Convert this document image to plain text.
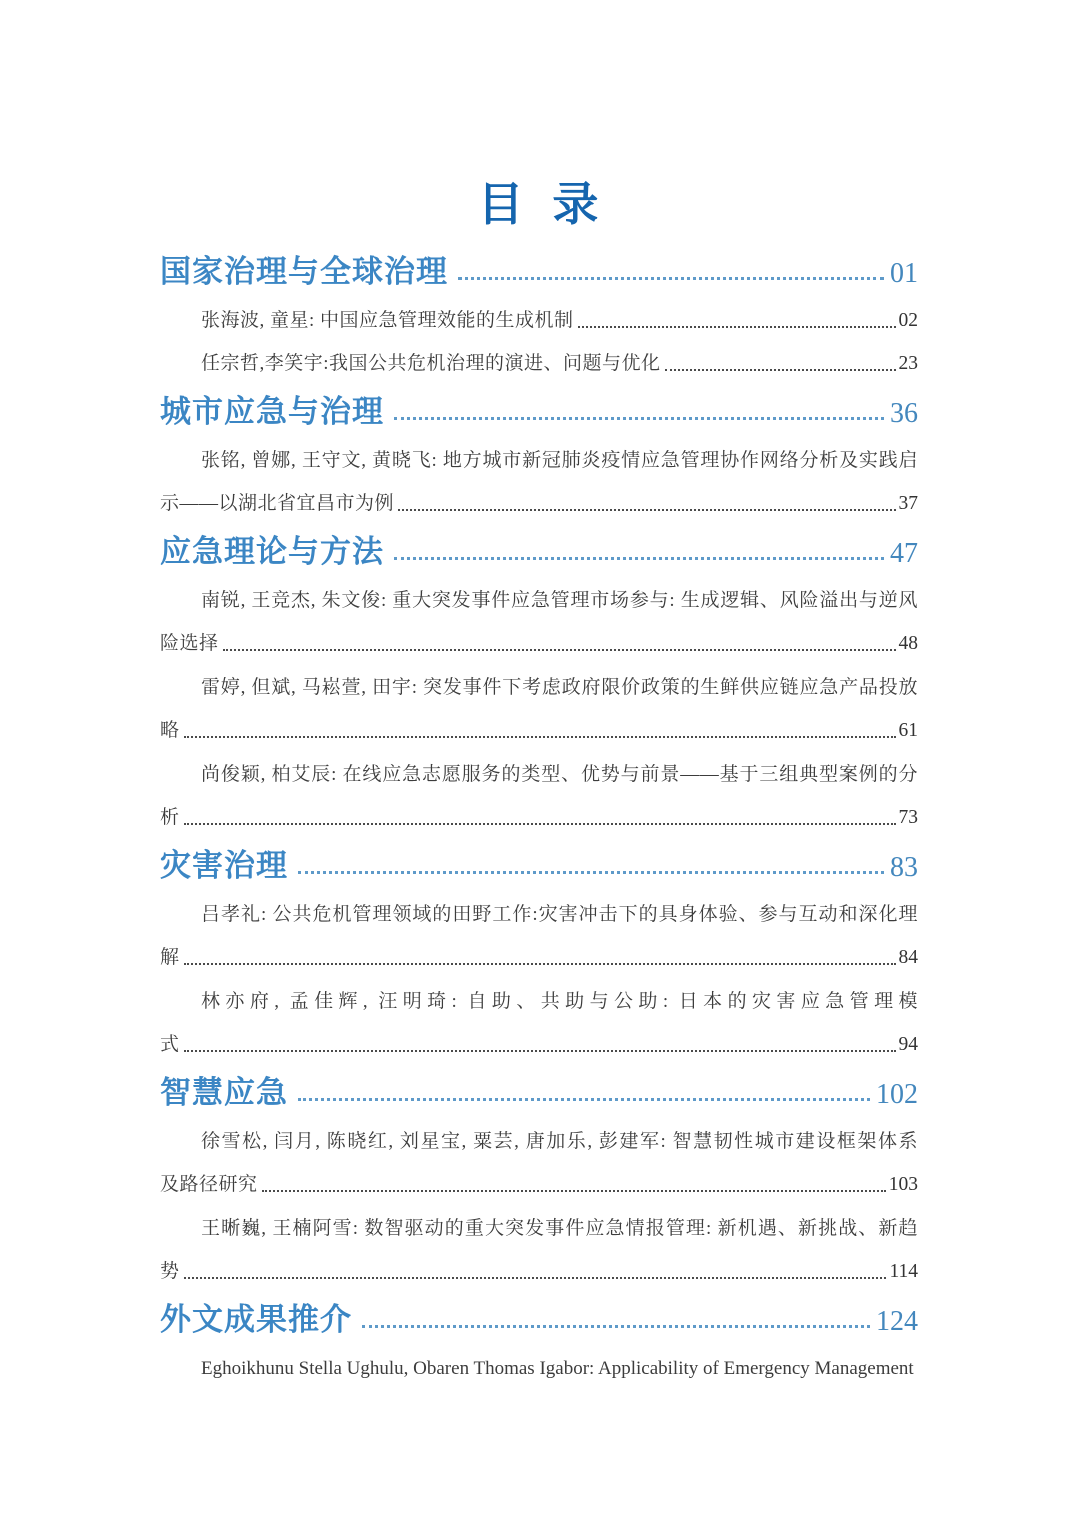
目 录
国家治理与全球治理	01
张海波, 童星: 中国应急管理效能的生成机制	02
任宗哲,李笑宇:我国公共危机治理的演进、问题与优化	23
城市应急与治理	36
张铭, 曾娜, 王守文, 黄晓飞: 地方城市新冠肺炎疫情应急管理协作网络分析及实践启
示——以湖北省宜昌市为例	37
应急理论与方法	47
南锐, 王竞杰, 朱文俊: 重大突发事件应急管理市场参与: 生成逻辑、风险溢出与逆风
险选择	48
雷婷, 但斌, 马崧萱, 田宇: 突发事件下考虑政府限价政策的生鲜供应链应急产品投放
略	61
尚俊颖, 柏艾辰: 在线应急志愿服务的类型、优势与前景——基于三组典型案例的分
析	73
灾害治理	83
吕孝礼: 公共危机管理领域的田野工作:灾害冲击下的具身体验、参与互动和深化理
解	84
林亦府, 孟佳辉, 汪明琦: 自助、共助与公助: 日本的灾害应急管理模
式	94
智慧应急	102
徐雪松, 闫月, 陈晓红, 刘星宝, 粟芸, 唐加乐, 彭建军: 智慧韧性城市建设框架体系
及路径研究	103
王晰巍, 王楠阿雪: 数智驱动的重大突发事件应急情报管理: 新机遇、新挑战、新趋
势	114
外文成果推介	124
Eghoikhunu Stella Ughulu, Obaren Thomas Igabor: Applicability of Emergency Management
